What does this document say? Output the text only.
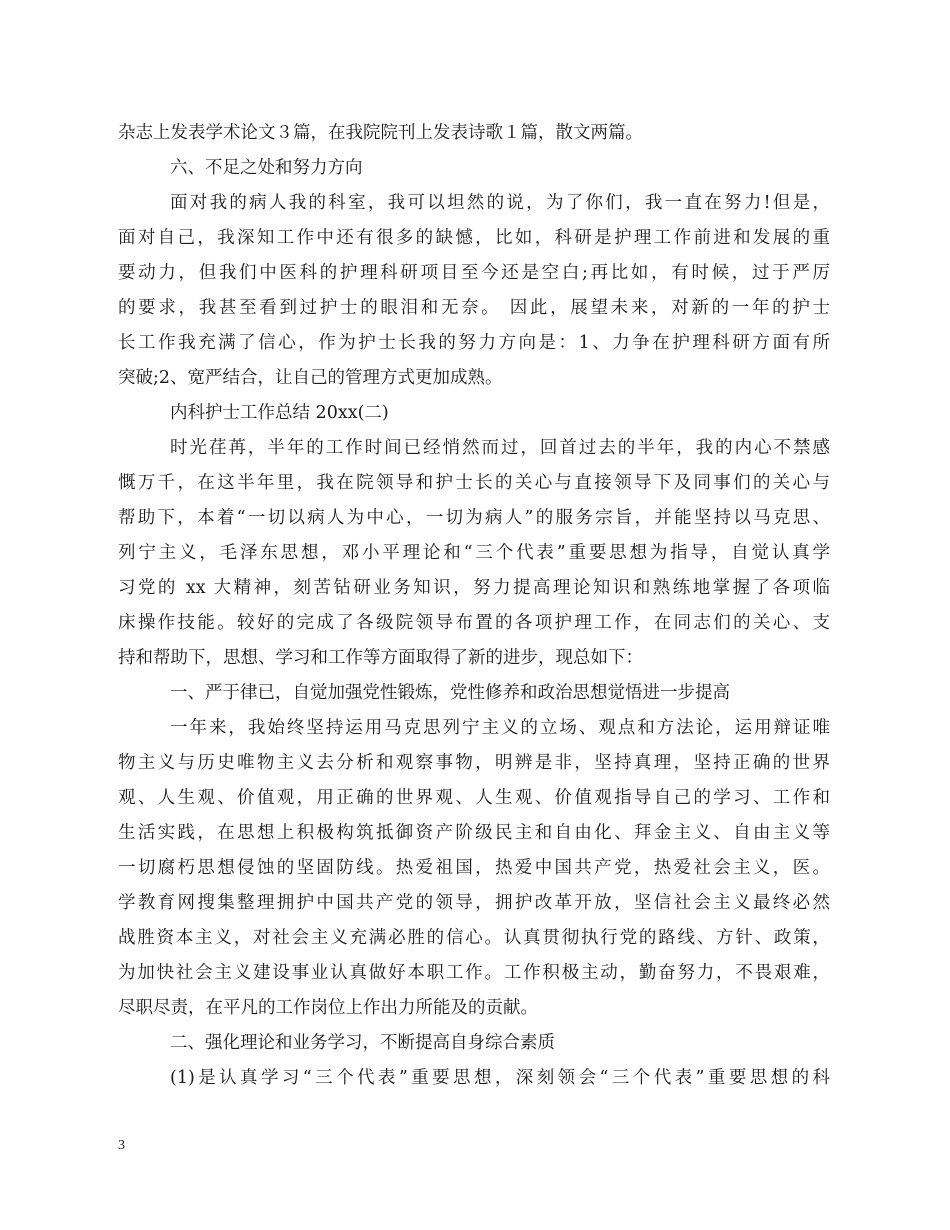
杂志上发表学术论文３篇，在我院院刊上发表诗歌１篇，散文两篇。
六、不足之处和努力方向
面对我的病人我的科室，我可以坦然的说，为了你们，我一直在努力!但是，
面对自己，我深知工作中还有很多的缺憾，比如，科研是护理工作前进和发展的重
要动力，但我们中医科的护理科研项目至今还是空白;再比如，有时候，过于严厉
的要求，我甚至看到过护士的眼泪和无奈。 因此，展望未来，对新的一年的护士
长工作我充满了信心，作为护士长我的努力方向是：1、力争在护理科研方面有所
突破;2、宽严结合，让自己的管理方式更加成熟。
内科护士工作总结 20xx(二)
时光荏苒，半年的工作时间已经悄然而过，回首过去的半年，我的内心不禁感
慨万千，在这半年里，我在院领导和护士长的关心与直接领导下及同事们的关心与
帮助下，本着“一切以病人为中心，一切为病人”的服务宗旨，并能坚持以马克思、
列宁主义，毛泽东思想，邓小平理论和“三个代表”重要思想为指导，自觉认真学
习党的 xx 大精神，刻苦钻研业务知识，努力提高理论知识和熟练地掌握了各项临
床操作技能。较好的完成了各级院领导布置的各项护理工作，在同志们的关心、支
持和帮助下，思想、学习和工作等方面取得了新的进步，现总如下：
一、严于律已，自觉加强党性锻炼，党性修养和政治思想觉悟进一步提高
一年来，我始终坚持运用马克思列宁主义的立场、观点和方法论，运用辩证唯
物主义与历史唯物主义去分析和观察事物，明辨是非，坚持真理，坚持正确的世界
观、人生观、价值观，用正确的世界观、人生观、价值观指导自己的学习、工作和
生活实践，在思想上积极构筑抵御资产阶级民主和自由化、拜金主义、自由主义等
一切腐朽思想侵蚀的坚固防线。热爱祖国，热爱中国共产党，热爱社会主义，医。
学教育网搜集整理拥护中国共产党的领导，拥护改革开放，坚信社会主义最终必然
战胜资本主义，对社会主义充满必胜的信心。认真贯彻执行党的路线、方针、政策，
为加快社会主义建设事业认真做好本职工作。工作积极主动，勤奋努力，不畏艰难，
尽职尽责，在平凡的工作岗位上作出力所能及的贡献。
二、强化理论和业务学习，不断提高自身综合素质
(1)是认真学习“三个代表”重要思想，深刻领会“三个代表”重要思想的科
3
